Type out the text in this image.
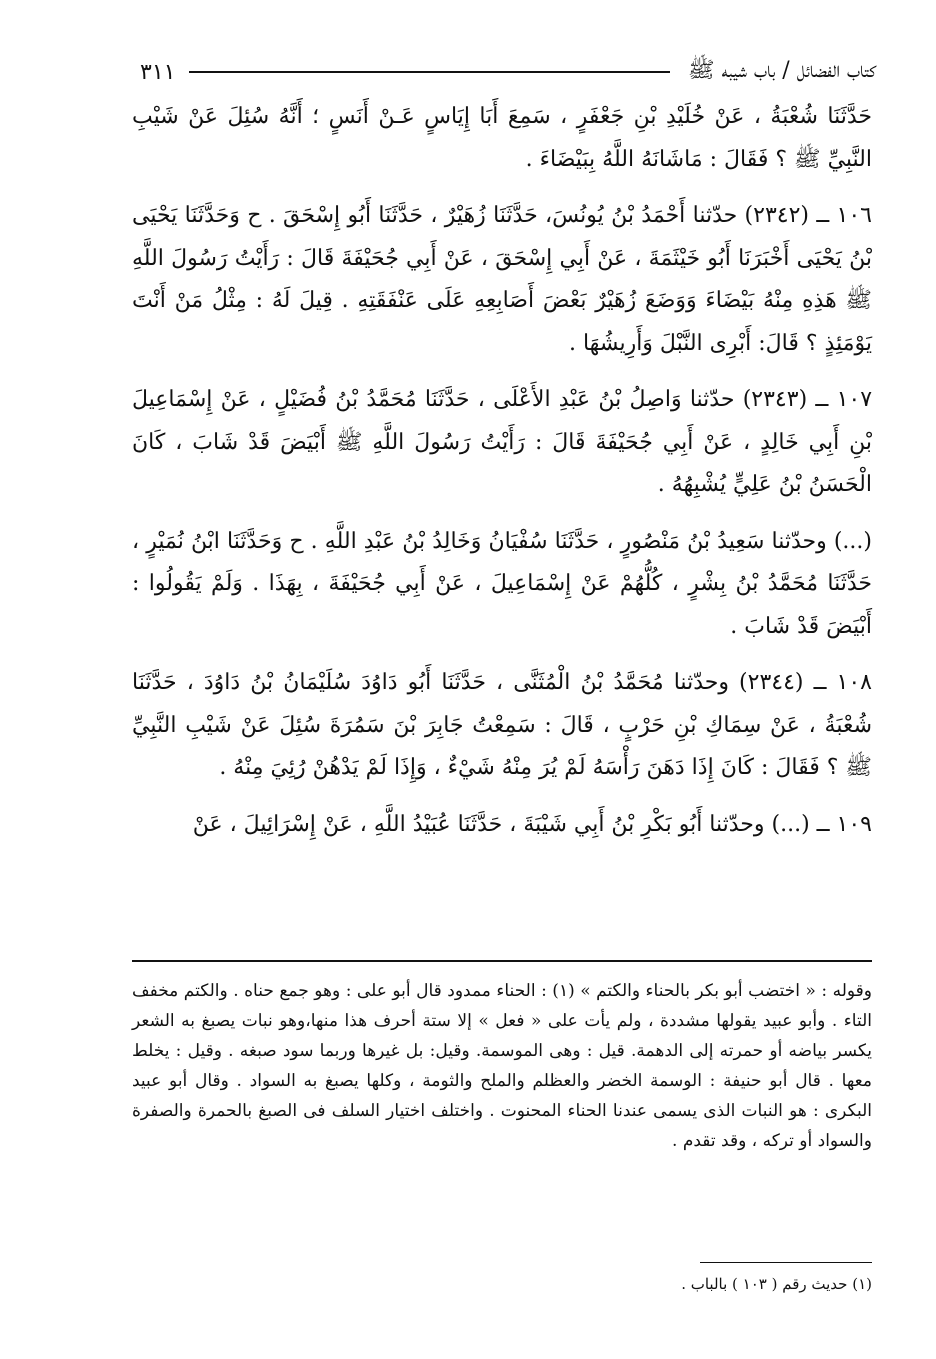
كتاب الفضائل / باب شيبه ﷺ
٣١١

حَدَّثَنَا شُعْبَةُ ، عَنْ خُلَيْدِ بْنِ جَعْفَرٍ ، سَمِعَ أَبَا إِيَاسٍ عَـنْ أَنَسٍ ؛ أَنَّهُ سُئِلَ عَنْ شَيْبِ النَّبِيِّ ﷺ ؟ فَقَالَ : مَاشَانَهُ اللَّهُ بِبَيْضَاءَ .

١٠٦ ــ (٢٣٤٢) حدّثنا أَحْمَدُ بْنُ يُونُسَ، حَدَّثَنَا زُهَيْرٌ ، حَدَّثَنَا أَبُو إِسْحَقَ . ح وَحَدَّثَنَا يَحْيَى بْنُ يَحْيَى أَخْبَرَنَا أَبُو خَيْثَمَةَ ، عَنْ أَبِي إِسْحَقَ ، عَنْ أَبِي جُحَيْفَةَ قَالَ : رَأَيْتُ رَسُولَ اللَّهِ ﷺ هَذِهِ مِنْهُ بَيْضَاءَ وَوَضَعَ زُهَيْرٌ بَعْضَ أَصَابِعِهِ عَلَى عَنْفَقَتِهِ . قِيلَ لَهُ : مِثْلُ مَنْ أَنْتَ يَوْمَئِذٍ ؟ قَالَ: أَبْرِى النَّبْلَ وَأَرِيشُهَا .

١٠٧ ــ (٢٣٤٣) حدّثنا وَاصِلُ بْنُ عَبْدِ الأَعْلَى ، حَدَّثَنَا مُحَمَّدُ بْنُ فُضَيْلٍ ، عَنْ إِسْمَاعِيلَ بْنِ أَبِي خَالِدٍ ، عَنْ أَبِي جُحَيْفَةَ قَالَ : رَأَيْتُ رَسُولَ اللَّهِ ﷺ أَبْيَضَ قَدْ شَابَ ، كَانَ الْحَسَنُ بْنُ عَلِيٍّ يُشْبِهُهُ .

(...) وحدّثنا سَعِيدُ بْنُ مَنْصُورٍ ، حَدَّثَنَا سُفْيَانُ وَخَالِدُ بْنُ عَبْدِ اللَّهِ . ح وَحَدَّثَنَا ابْنُ نُمَيْرٍ ، حَدَّثَنَا مُحَمَّدُ بْنُ بِشْرٍ ، كُلُّهُمْ عَنْ إِسْمَاعِيلَ ، عَنْ أَبِي جُحَيْفَةَ ، بِهَذَا . وَلَمْ يَقُولُوا : أَبْيَضَ قَدْ شَابَ .

١٠٨ ــ (٢٣٤٤) وحدّثنا مُحَمَّدُ بْنُ الْمُثَنَّى ، حَدَّثَنَا أَبُو دَاوُدَ سُلَيْمَانُ بْنُ دَاوُدَ ، حَدَّثَنَا شُعْبَةُ ، عَنْ سِمَاكِ بْنِ حَرْبٍ ، قَالَ : سَمِعْتُ جَابِرَ بْنَ سَمُرَةَ سُئِلَ عَنْ شَيْبِ النَّبِيِّ ﷺ ؟ فَقَالَ : كَانَ إِذَا دَهَنَ رَأْسَهُ لَمْ يُرَ مِنْهُ شَيْءٌ ، وَإِذَا لَمْ يَدْهُنْ رُئِيَ مِنْهُ .

١٠٩ ــ (...) وحدّثنا أَبُو بَكْرِ بْنُ أَبِي شَيْبَةَ ، حَدَّثَنَا عُبَيْدُ اللَّهِ ، عَنْ إِسْرَائِيلَ ، عَنْ

وقوله : « اختضب أبو بكر بالحناء والكتم » (١) : الحناء ممدود قال أبو على : وهو جمع حناه . والكتم مخفف التاء . وأبو عبيد يقولها مشددة ، ولم يأت على « فعل » إلا ستة أحرف هذا منها،وهو نبات يصبغ به الشعر يكسر بياضه أو حمرته إلى الدهمة. قيل : وهى الموسمة. وقيل: بل غيرها وربما سود صبغه . وقيل : يخلط معها . قال أبو حنيفة : الوسمة الخضر والعظلم والملح والثومة ، وكلها يصبغ به السواد . وقال أبو عبيد البكرى : هو النبات الذى يسمى عندنا الحناء المحنوت . واختلف اختيار السلف فى الصبغ بالحمرة والصفرة والسواد أو تركه ، وقد تقدم .

(١) حديث رقم ( ١٠٣ ) بالباب .
